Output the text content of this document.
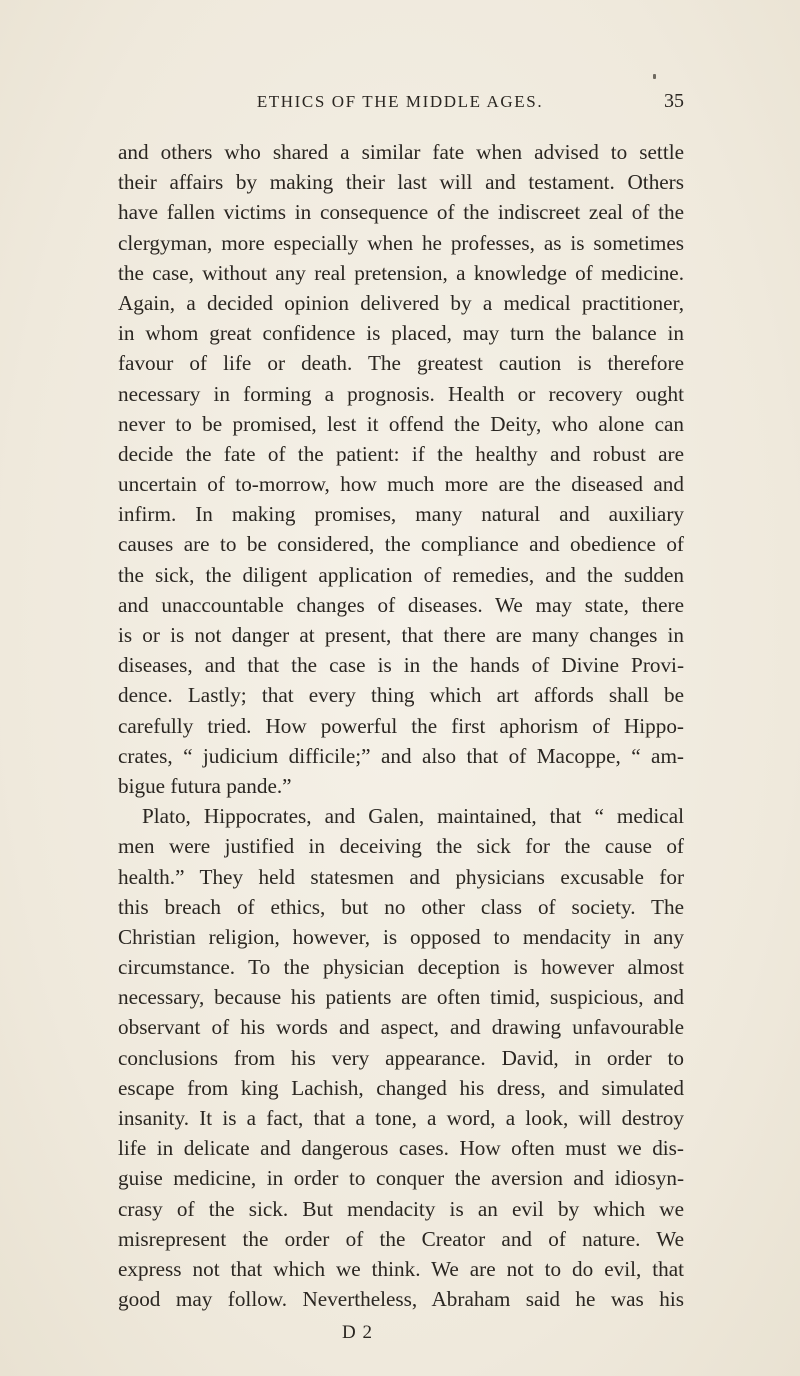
ETHICS OF THE MIDDLE AGES.	35
and others who shared a similar fate when advised to settle
their affairs by making their last will and testament. Others
have fallen victims in consequence of the indiscreet zeal of the
clergyman, more especially when he professes, as is sometimes
the case, without any real pretension, a knowledge of medicine.
Again, a decided opinion delivered by a medical practitioner,
in whom great confidence is placed, may turn the balance in
favour of life or death. The greatest caution is therefore
necessary in forming a prognosis. Health or recovery ought
never to be promised, lest it offend the Deity, who alone can
decide the fate of the patient: if the healthy and robust are
uncertain of to-morrow, how much more are the diseased and
infirm. In making promises, many natural and auxiliary
causes are to be considered, the compliance and obedience of
the sick, the diligent application of remedies, and the sudden
and unaccountable changes of diseases. We may state, there
is or is not danger at present, that there are many changes in
diseases, and that the case is in the hands of Divine Provi-
dence. Lastly; that every thing which art affords shall be
carefully tried. How powerful the first aphorism of Hippo-
crates, “ judicium difficile;” and also that of Macoppe, “ am-
bigue futura pande.”
Plato, Hippocrates, and Galen, maintained, that “ medical
men were justified in deceiving the sick for the cause of
health.” They held statesmen and physicians excusable for
this breach of ethics, but no other class of society. The
Christian religion, however, is opposed to mendacity in any
circumstance. To the physician deception is however almost
necessary, because his patients are often timid, suspicious, and
observant of his words and aspect, and drawing unfavourable
conclusions from his very appearance. David, in order to
escape from king Lachish, changed his dress, and simulated
insanity. It is a fact, that a tone, a word, a look, will destroy
life in delicate and dangerous cases. How often must we dis-
guise medicine, in order to conquer the aversion and idiosyn-
crasy of the sick. But mendacity is an evil by which we
misrepresent the order of the Creator and of nature. We
express not that which we think. We are not to do evil, that
good may follow. Nevertheless, Abraham said he was his
D 2
